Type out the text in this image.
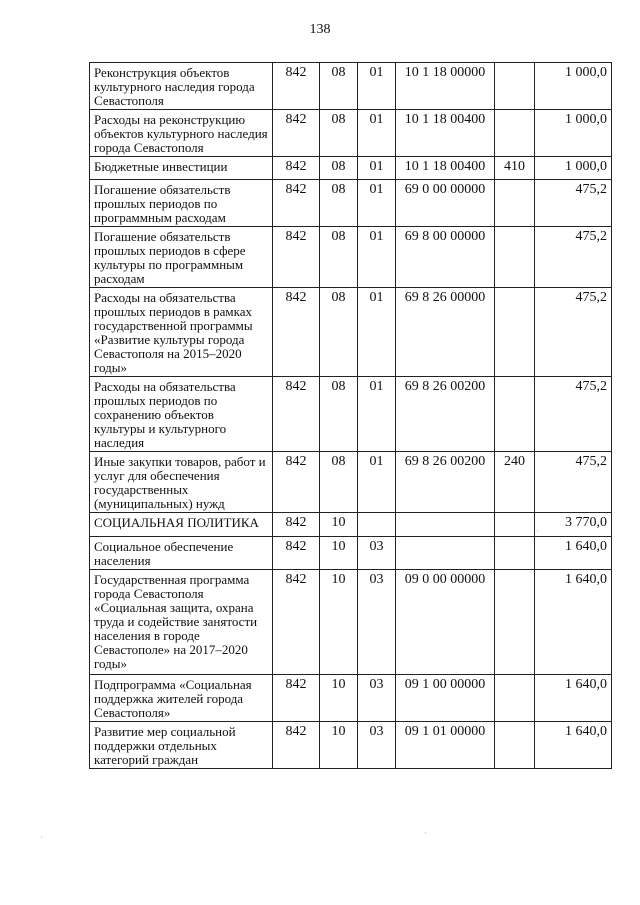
138
Реконструкция объектов культурного наследия города Севастополя	842	08	01	10 1 18 00000		1 000,0
Расходы на реконструкцию объектов культурного наследия города Севастополя	842	08	01	10 1 18 00400		1 000,0
Бюджетные инвестиции	842	08	01	10 1 18 00400	410	1 000,0
Погашение обязательств прошлых периодов по программным расходам	842	08	01	69 0 00 00000		475,2
Погашение обязательств прошлых периодов в сфере культуры по программным расходам	842	08	01	69 8 00 00000		475,2
Расходы на обязательства прошлых периодов в рамках государственной программы «Развитие культуры города Севастополя на 2015–2020 годы»	842	08	01	69 8 26 00000		475,2
Расходы на обязательства прошлых периодов по сохранению объектов культуры и культурного наследия	842	08	01	69 8 26 00200		475,2
Иные закупки товаров, работ и услуг для обеспечения государственных (муниципальных) нужд	842	08	01	69 8 26 00200	240	475,2
СОЦИАЛЬНАЯ ПОЛИТИКА	842	10				3 770,0
Социальное обеспечение населения	842	10	03			1 640,0
Государственная программа города Севастополя «Социальная защита, охрана труда и содействие занятости населения в городе Севастополе» на 2017–2020 годы»	842	10	03	09 0 00 00000		1 640,0
Подпрограмма «Социальная поддержка жителей города Севастополя»	842	10	03	09 1 00 00000		1 640,0
Развитие мер социальной поддержки отдельных категорий граждан	842	10	03	09 1 01 00000		1 640,0
·
·	·
